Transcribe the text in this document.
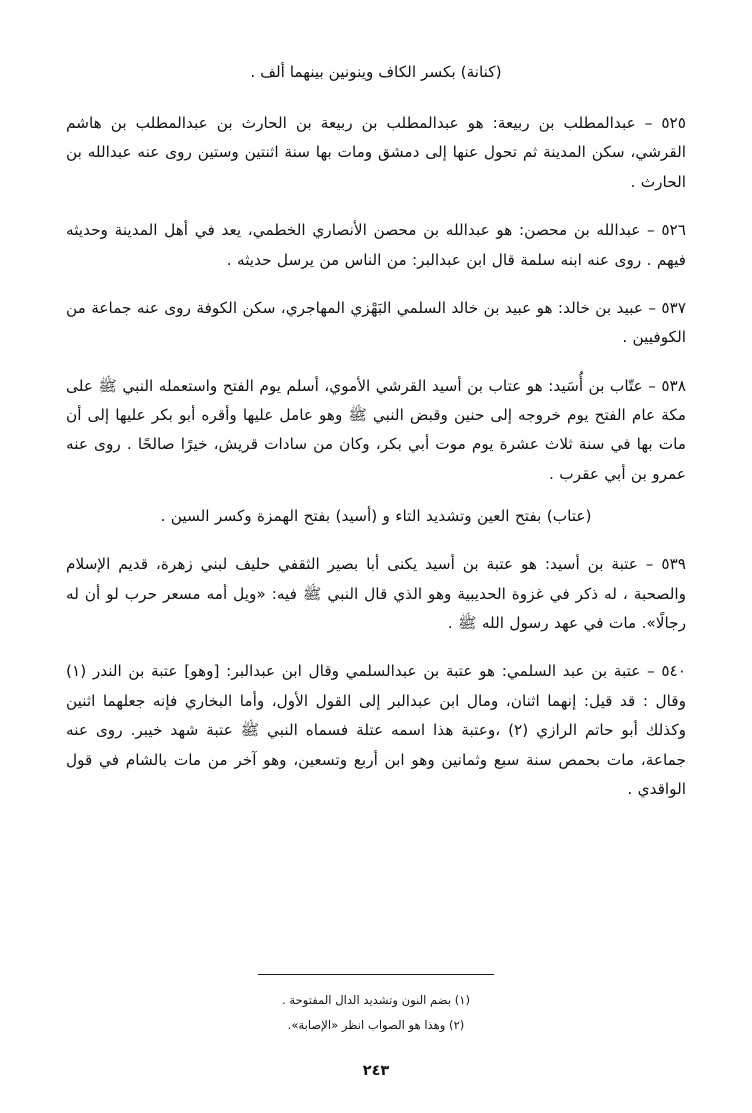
(كنانة) بكسر الكاف وينونين بينهما ألف .

٥٢٥ – عبدالمطلب بن ربيعة: هو عبدالمطلب بن ربيعة بن الحارث بن عبدالمطلب بن هاشم القرشي، سكن المدينة ثم تحول عنها إلى دمشق ومات بها سنة اثنتين وستين روى عنه عبدالله بن الحارث .

٥٢٦ – عبدالله بن محصن: هو عبدالله بن محصن الأنصاري الخطمي، يعد في أهل المدينة وحديثه فيهم . روى عنه ابنه سلمة قال ابن عبدالبر: من الناس من يرسل حديثه .

٥٣٧ – عبيد بن خالد: هو عبيد بن خالد السلمي البَهْزي المهاجري، سكن الكوفة روى عنه جماعة من الكوفيين .

٥٣٨ – عتّاب بن أُسَيد: هو عتاب بن أسيد القرشي الأموي، أسلم يوم الفتح واستعمله النبي ﷺ على مكة عام الفتح يوم خروجه إلى حنين وقبض النبي ﷺ وهو عامل عليها وأقره أبو بكر عليها إلى أن مات بها في سنة ثلاث عشرة يوم موت أبي بكر، وكان من سادات قريش، خيرًا صالحًا . روى عنه عمرو بن أبي عقرب .

(عتاب) بفتح العين وتشديد التاء و (أسيد) بفتح الهمزة وكسر السين .

٥٣٩ – عتبة بن أسيد: هو عتبة بن أسيد يكنى أبا بصير الثقفي حليف لبني زهرة، قديم الإسلام والصحبة ، له ذكر في غزوة الحديبية وهو الذي قال النبي ﷺ فيه: «ويل أمه مسعر حرب لو أن له رجالًا». مات في عهد رسول الله ﷺ .

٥٤٠ – عتبة بن عبد السلمي: هو عتبة بن عبدالسلمي وقال ابن عبدالبر: [وهو] عتبة بن الندر (١) وقال : قد قيل: إنهما اثنان، ومال ابن عبدالبر إلى القول الأول، وأما البخاري فإنه جعلهما اثنين وكذلك أبو حاتم الرازي (٢) ،وعتبة هذا اسمه عتلة فسماه النبي ﷺ عتبة شهد خيبر. روى عنه جماعة، مات بحمص سنة سبع وثمانين وهو ابن أربع وتسعين، وهو آخر من مات بالشام في قول الواقدي .

(١) بضم النون وتشديد الدال المفتوحة .

(٢) وهذا هو الصواب انظر «الإصابة».

٢٤٣
